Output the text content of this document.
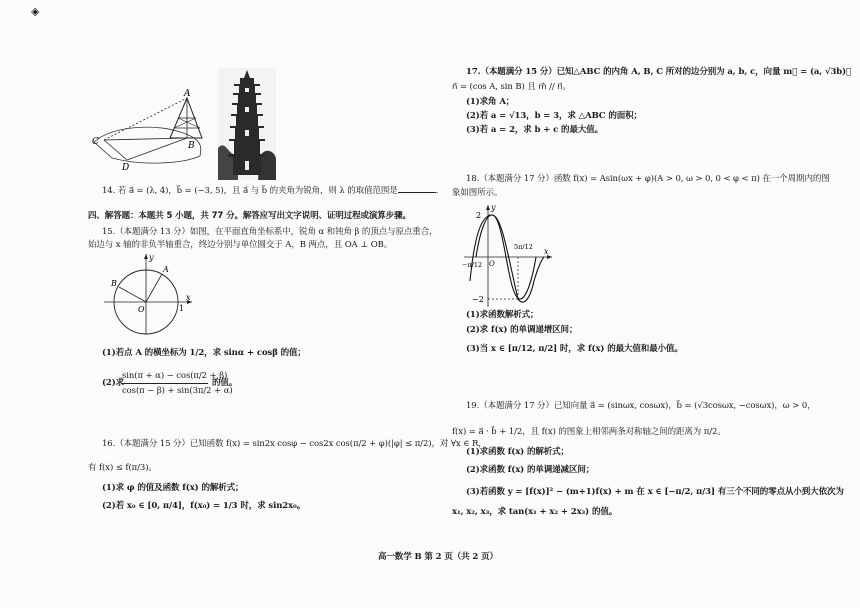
◈
A
B
C
D
14. 若 a⃗ = (λ, 4)，b⃗ = (−3, 5)，且 a⃗ 与 b⃗ 的夹角为锐角，则 λ 的取值范围是	.
四、解答题：本题共 5 小题，共 77 分。解答应写出文字说明、证明过程或演算步骤。
15.（本题满分 13 分）如图，在平面直角坐标系中，锐角 α 和钝角 β 的顶点与原点重合，
始边与 x 轴的非负半轴重合，终边分别与单位圆交于 A，B 两点，且 OA ⊥ OB。
y
x
O	1
A
B
(1)若点 A 的横坐标为 1/2，求 sinα + cosβ 的值；
(2)求
sin(π + α) − cos(π/2 + β)
cos(π − β) + sin(3π/2 + α)
的值。
16.（本题满分 15 分）已知函数 f(x) = sin2x cosφ − cos2x cos(π/2 + φ)(|φ| ≤ π/2)，对 ∀x ∈ R，
有 f(x) ≤ f(π/3)。
(1)求 φ 的值及函数 f(x) 的解析式；
(2)若 x₀ ∈ [0, π/4]，f(x₀) = 1/3 时，求 sin2x₀。
17.（本题满分 15 分）已知△ABC 的内角 A, B, C 所对的边分别为 a, b, c，向量 m⃗ = (a, √3b)，
n⃗ = (cos A, sin B) 且 m⃗ // n⃗。
(1)求角 A；
(2)若 a = √13，b = 3，求 △ABC 的面积；
(3)若 a = 2，求 b + c 的最大值。
18.（本题满分 17 分）函数 f(x) = Asin(ωx + φ)(A > 0, ω > 0, 0 < φ < π) 在一个周期内的图
象如图所示。
2
−2
y
x
O
−π/12
5π/12
(1)求函数解析式；
(2)求 f(x) 的单调递增区间；
(3)当 x ∈ [π/12, π/2] 时，求 f(x) 的最大值和最小值。
19.（本题满分 17 分）已知向量 a⃗ = (sinωx, cosωx)，b⃗ = (√3cosωx, −cosωx)，ω > 0，
f(x) = a⃗ · b⃗ + 1/2，且 f(x) 的图象上相邻两条对称轴之间的距离为 π/2。
(1)求函数 f(x) 的解析式；
(2)求函数 f(x) 的单调递减区间；
(3)若函数 y = [f(x)]² − (m+1)f(x) + m 在 x ∈ [−π/2, π/3] 有三个不同的零点从小到大依次为
x₁, x₂, x₃，求 tan(x₁ + x₂ + 2x₃) 的值。
高一数学 B 第 2 页（共 2 页）
